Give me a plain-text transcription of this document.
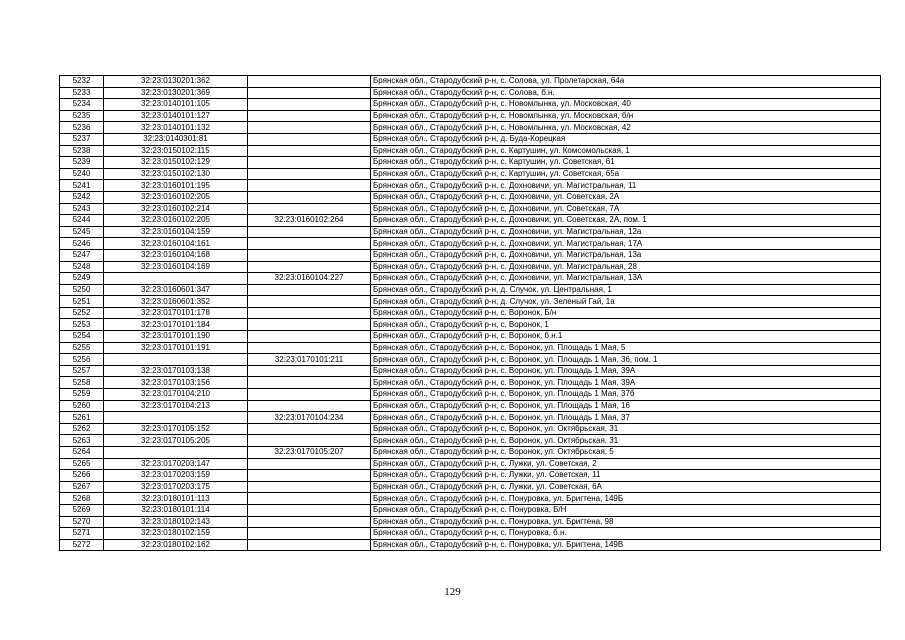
5232	32:23:0130201:362		Брянская обл., Стародубский р-н, с. Солова, ул. Пролетарская, 64а
5233	32:23:0130201:369		Брянская обл., Стародубский р-н, с. Солова, б.н.
5234	32:23:0140101:105		Брянская обл., Стародубский р-н, с. Новомлынка, ул. Московская, 40
5235	32:23:0140101:127		Брянская обл., Стародубский р-н, с. Новомлынка, ул. Московская, б/н
5236	32:23:0140101:132		Брянская обл., Стародубский р-н, с. Новомлынка, ул. Московская, 42
5237	32:23:0140301:81		Брянская обл., Стародубский р-н, д. Буда-Корецкая
5238	32:23:0150102:115		Брянская обл., Стародубский р-н, с. Картушин, ул. Комсомольская, 1
5239	32:23:0150102:129		Брянская обл., Стародубский р-н, с. Картушин, ул. Советская, 61
5240	32:23:0150102:130		Брянская обл., Стародубский р-н, с. Картушин, ул. Советская, 65а
5241	32:23:0160101:195		Брянская обл., Стародубский р-н, с. Дохновичи, ул. Магистральная, 11
5242	32:23:0160102:205		Брянская обл., Стародубский р-н, с. Дохновичи, ул. Советская, 2А
5243	32:23:0160102:214		Брянская обл., Стародубский р-н, с. Дохновичи, ул. Советская, 7А
5244	32:23:0160102:205	32:23:0160102:264	Брянская обл., Стародубский р-н, с. Дохновичи, ул. Советская, 2А, пом. 1
5245	32:23:0160104:159		Брянская обл., Стародубский р-н, с. Дохновичи, ул. Магистральная, 12а
5246	32:23:0160104:161		Брянская обл., Стародубский р-н, с. Дохновичи, ул. Магистральная, 17А
5247	32:23:0160104:168		Брянская обл., Стародубский р-н, с. Дохновичи, ул. Магистральная, 13а
5248	32:23:0160104:169		Брянская обл., Стародубский р-н, с. Дохновичи, ул. Магистральная, 28
5249		32:23:0160104:227	Брянская обл., Стародубский р-н, с. Дохновичи, ул. Магистральная, 13А
5250	32:23:0160601:347		Брянская обл., Стародубский р-н, д. Случок, ул. Центральная, 1
5251	32:23:0160601:352		Брянская обл., Стародубский р-н, д. Случок, ул. Зеленый Гай, 1а
5252	32:23:0170101:178		Брянская обл., Стародубский р-н, с. Воронок, Б/н
5253	32:23:0170101:184		Брянская обл., Стародубский р-н, с. Воронок, 1
5254	32:23:0170101:190		Брянская обл., Стародубский р-н, с. Воронок, б.н.1
5255	32:23:0170101:191		Брянская обл., Стародубский р-н, с. Воронок, ул. Площадь 1 Мая, 5
5256		32:23:0170101:211	Брянская обл., Стародубский р-н, с. Воронок, ул. Площадь 1 Мая, 36, пом. 1
5257	32:23:0170103:138		Брянская обл., Стародубский р-н, с. Воронок, ул. Площадь 1 Мая, 39А
5258	32:23:0170103:156		Брянская обл., Стародубский р-н, с. Воронок, ул. Площадь 1 Мая, 39А
5259	32:23:0170104:210		Брянская обл., Стародубский р-н, с. Воронок, ул. Площадь 1 Мая, 37б
5260	32:23:0170104:213		Брянская обл., Стародубский р-н, с. Воронок, ул. Площадь 1 Мая, 16
5261		32:23:0170104:234	Брянская обл., Стародубский р-н, с. Воронок, ул. Площадь 1 Мая, 37
5262	32:23:0170105:152		Брянская обл., Стародубский р-н, с. Воронок, ул. Октябрьская, 31
5263	32:23:0170105:205		Брянская обл., Стародубский р-н, с. Воронок, ул. Октябрьская, 31
5264		32:23:0170105:207	Брянская обл., Стародубский р-н, с. Воронок, ул. Октябрьская, 5
5265	32:23:0170203:147		Брянская обл., Стародубский р-н, с. Лужки, ул. Советская, 2
5266	32:23:0170203:159		Брянская обл., Стародубский р-н, с. Лужки, ул. Советская, 11
5267	32:23:0170203:175		Брянская обл., Стародубский р-н, с. Лужки, ул. Советская, 6А
5268	32:23:0180101:113		Брянская обл., Стародубский р-н, с. Понуровка, ул. Бригтена, 149Б
5269	32:23:0180101:114		Брянская обл., Стародубский р-н, с. Понуровка, Б/Н
5270	32:23:0180102:143		Брянская обл., Стародубский р-н, с. Понуровка, ул. Бригтена, 98
5271	32:23:0180102:159		Брянская обл., Стародубский р-н, с. Понуровка, б.н.
5272	32:23:0180102:162		Брянская обл., Стародубский р-н, с. Понуровка, ул. Бригтена, 149В
129
